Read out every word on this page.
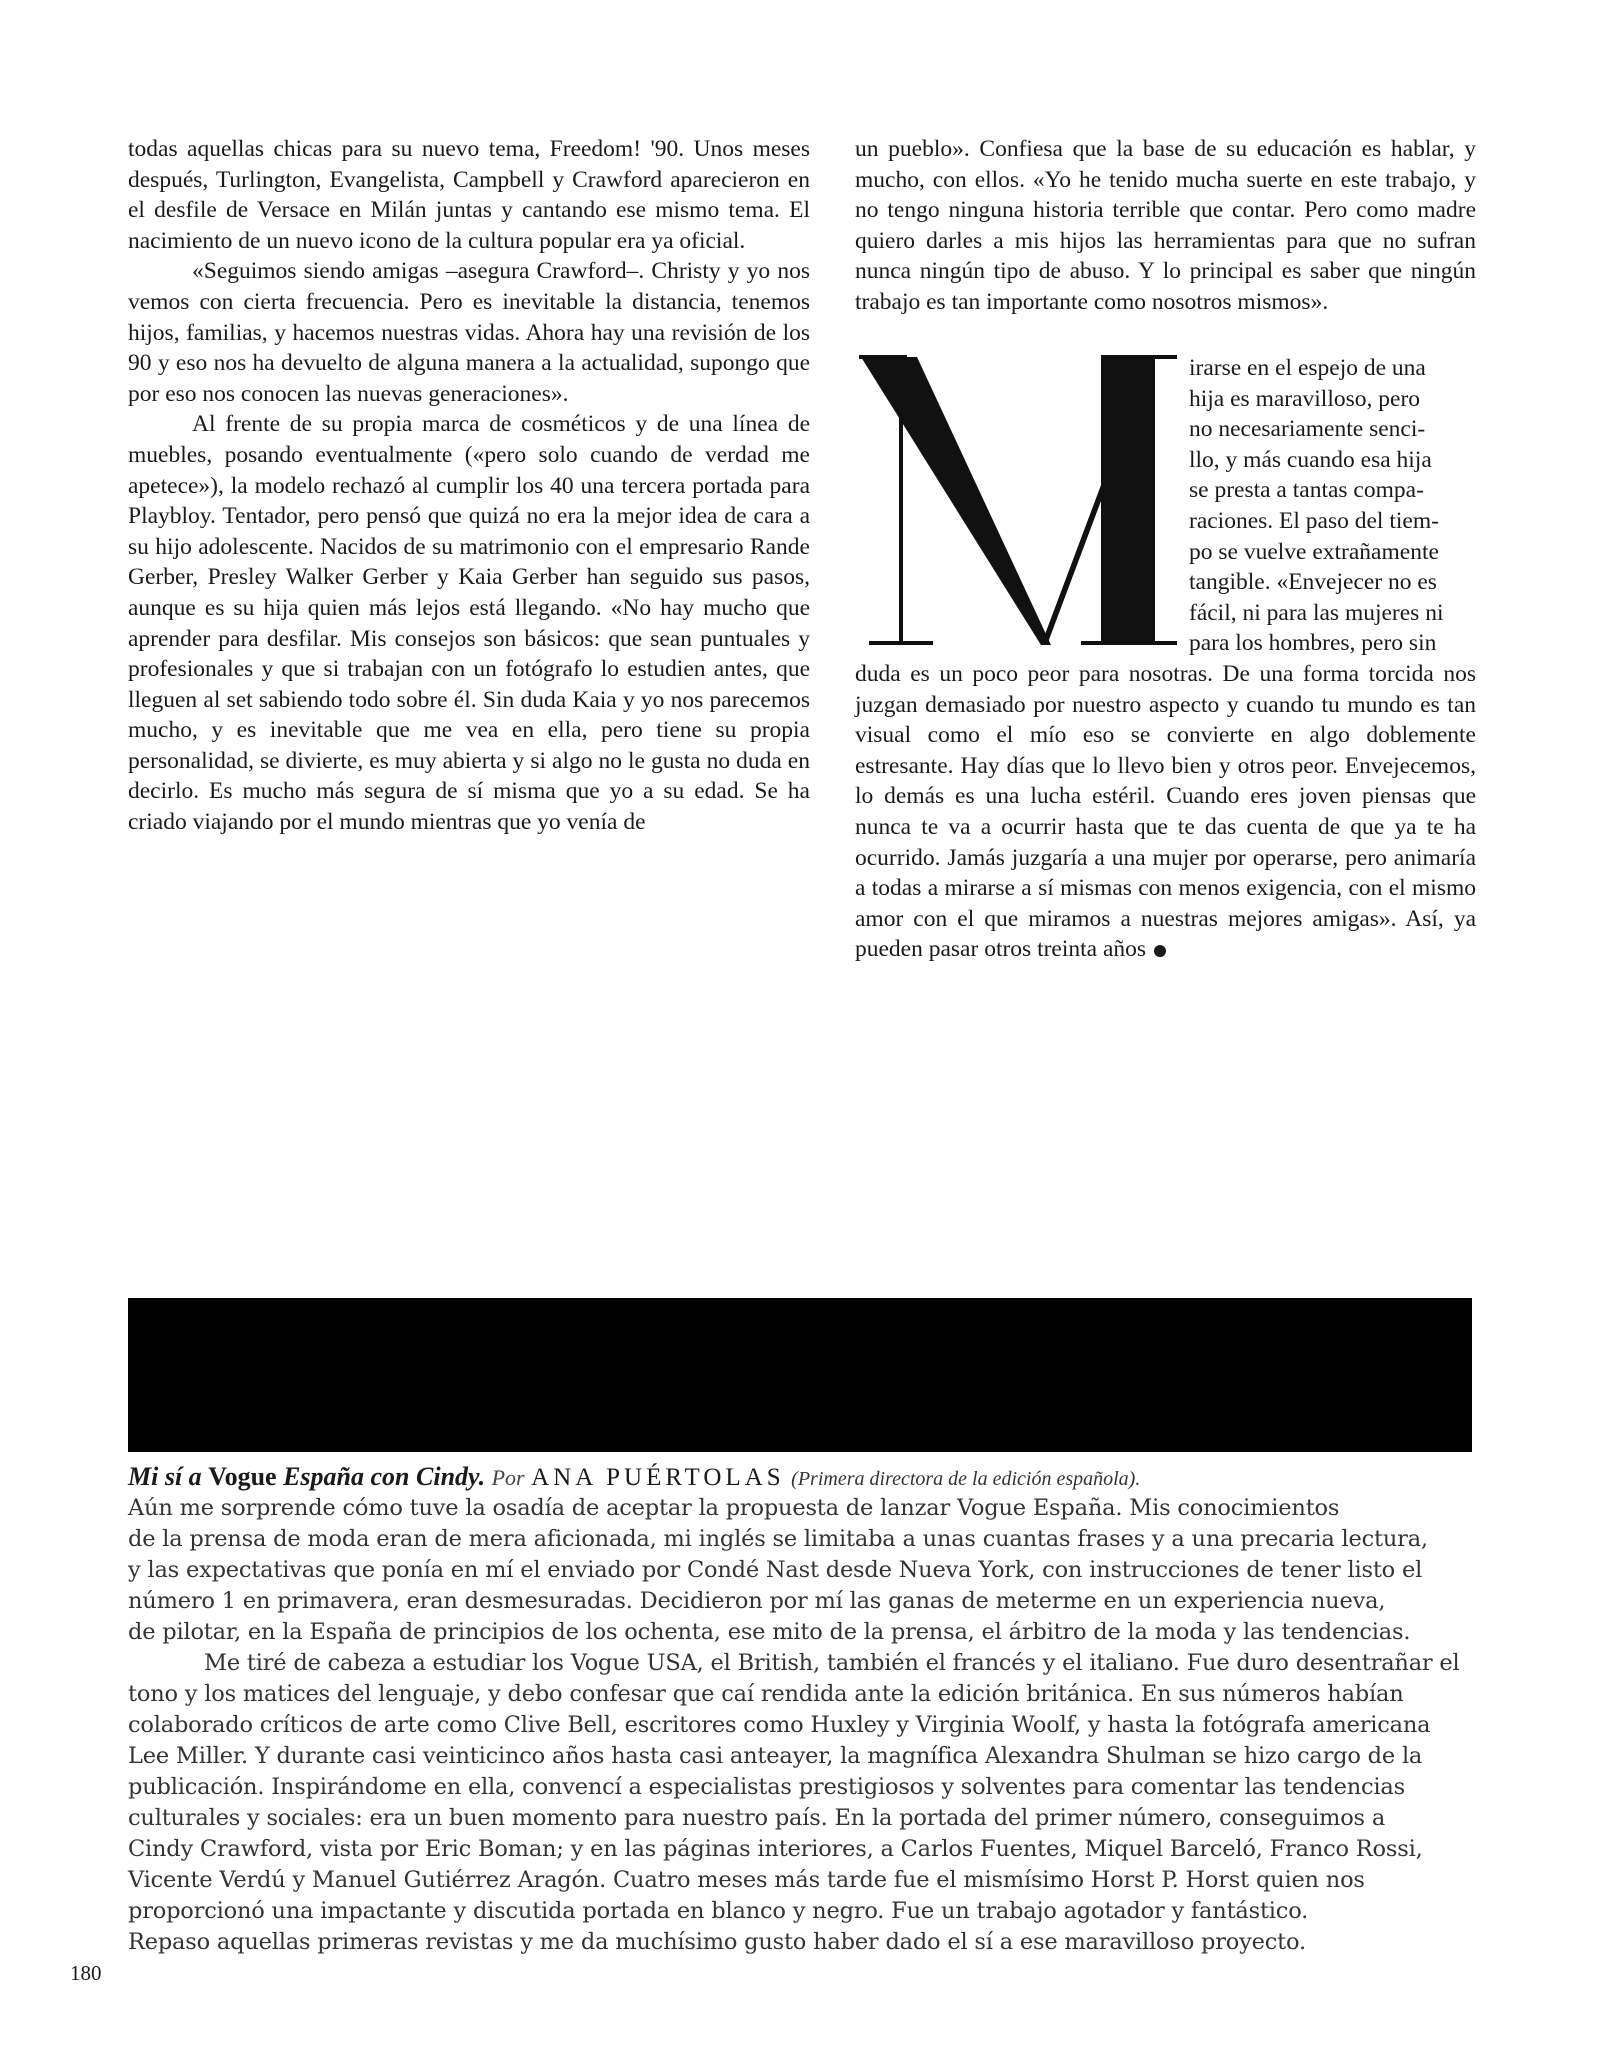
todas aquellas chicas para su nuevo tema, Freedom! '90. Unos meses después, Turlington, Evangelista, Campbell y Crawford aparecieron en el desfile de Versace en Milán juntas y cantando ese mismo tema. El nacimiento de un nuevo icono de la cultura popular era ya oficial.

«Seguimos siendo amigas –asegura Crawford–. Christy y yo nos vemos con cierta frecuencia. Pero es inevitable la distancia, tenemos hijos, familias, y hacemos nuestras vidas. Ahora hay una revisión de los 90 y eso nos ha devuelto de alguna manera a la actualidad, supongo que por eso nos conocen las nuevas generaciones».

Al frente de su propia marca de cosméticos y de una línea de muebles, posando eventualmente («pero solo cuando de verdad me apetece»), la modelo rechazó al cumplir los 40 una tercera portada para Playbloy. Tentador, pero pensó que quizá no era la mejor idea de cara a su hijo adolescente. Nacidos de su matrimonio con el empresario Rande Gerber, Presley Walker Gerber y Kaia Gerber han seguido sus pasos, aunque es su hija quien más lejos está llegando. «No hay mucho que aprender para desfilar. Mis consejos son básicos: que sean puntuales y profesionales y que si trabajan con un fotógrafo lo estudien antes, que lleguen al set sabiendo todo sobre él. Sin duda Kaia y yo nos parecemos mucho, y es inevitable que me vea en ella, pero tiene su propia personalidad, se divierte, es muy abierta y si algo no le gusta no duda en decirlo. Es mucho más segura de sí misma que yo a su edad. Se ha criado viajando por el mundo mientras que yo venía de

un pueblo». Confiesa que la base de su educación es hablar, y mucho, con ellos. «Yo he tenido mucha suerte en este trabajo, y no tengo ninguna historia terrible que contar. Pero como madre quiero darles a mis hijos las herramientas para que no sufran nunca ningún tipo de abuso. Y lo principal es saber que ningún trabajo es tan importante como nosotros mismos».

irarse en el espejo de una
hija es maravilloso, pero
no necesariamente senci-
llo, y más cuando esa hija
se presta a tantas compa-
raciones. El paso del tiem-
po se vuelve extrañamente
tangible. «Envejecer no es
fácil, ni para las mujeres ni
para los hombres, pero sin

duda es un poco peor para nosotras. De una forma torcida nos juzgan demasiado por nuestro aspecto y cuando tu mundo es tan visual como el mío eso se convierte en algo doblemente estresante. Hay días que lo llevo bien y otros peor. Envejecemos, lo demás es una lucha estéril. Cuando eres joven piensas que nunca te va a ocurrir hasta que te das cuenta de que ya te ha ocurrido. Jamás juzgaría a una mujer por operarse, pero animaría a todas a mirarse a sí mismas con menos exigencia, con el mismo amor con el que miramos a nuestras mejores amigas». Así, ya pueden pasar otros treinta años

Mi sí a Vogue España con Cindy. Por ANA PUÉRTOLAS (Primera directora de la edición española).
Aún me sorprende cómo tuve la osadía de aceptar la propuesta de lanzar Vogue España. Mis conocimientos
de la prensa de moda eran de mera aficionada, mi inglés se limitaba a unas cuantas frases y a una precaria lectura,
y las expectativas que ponía en mí el enviado por Condé Nast desde Nueva York, con instrucciones de tener listo el
número 1 en primavera, eran desmesuradas. Decidieron por mí las ganas de meterme en un experiencia nueva,
de pilotar, en la España de principios de los ochenta, ese mito de la prensa, el árbitro de la moda y las tendencias.
Me tiré de cabeza a estudiar los Vogue USA, el British, también el francés y el italiano. Fue duro desentrañar el
tono y los matices del lenguaje, y debo confesar que caí rendida ante la edición británica. En sus números habían
colaborado críticos de arte como Clive Bell, escritores como Huxley y Virginia Woolf, y hasta la fotógrafa americana
Lee Miller. Y durante casi veinticinco años hasta casi anteayer, la magnífica Alexandra Shulman se hizo cargo de la
publicación. Inspirándome en ella, convencí a especialistas prestigiosos y solventes para comentar las tendencias
culturales y sociales: era un buen momento para nuestro país. En la portada del primer número, conseguimos a
Cindy Crawford, vista por Eric Boman; y en las páginas interiores, a Carlos Fuentes, Miquel Barceló, Franco Rossi,
Vicente Verdú y Manuel Gutiérrez Aragón. Cuatro meses más tarde fue el mismísimo Horst P. Horst quien nos
proporcionó una impactante y discutida portada en blanco y negro. Fue un trabajo agotador y fantástico.
Repaso aquellas primeras revistas y me da muchísimo gusto haber dado el sí a ese maravilloso proyecto.
180
